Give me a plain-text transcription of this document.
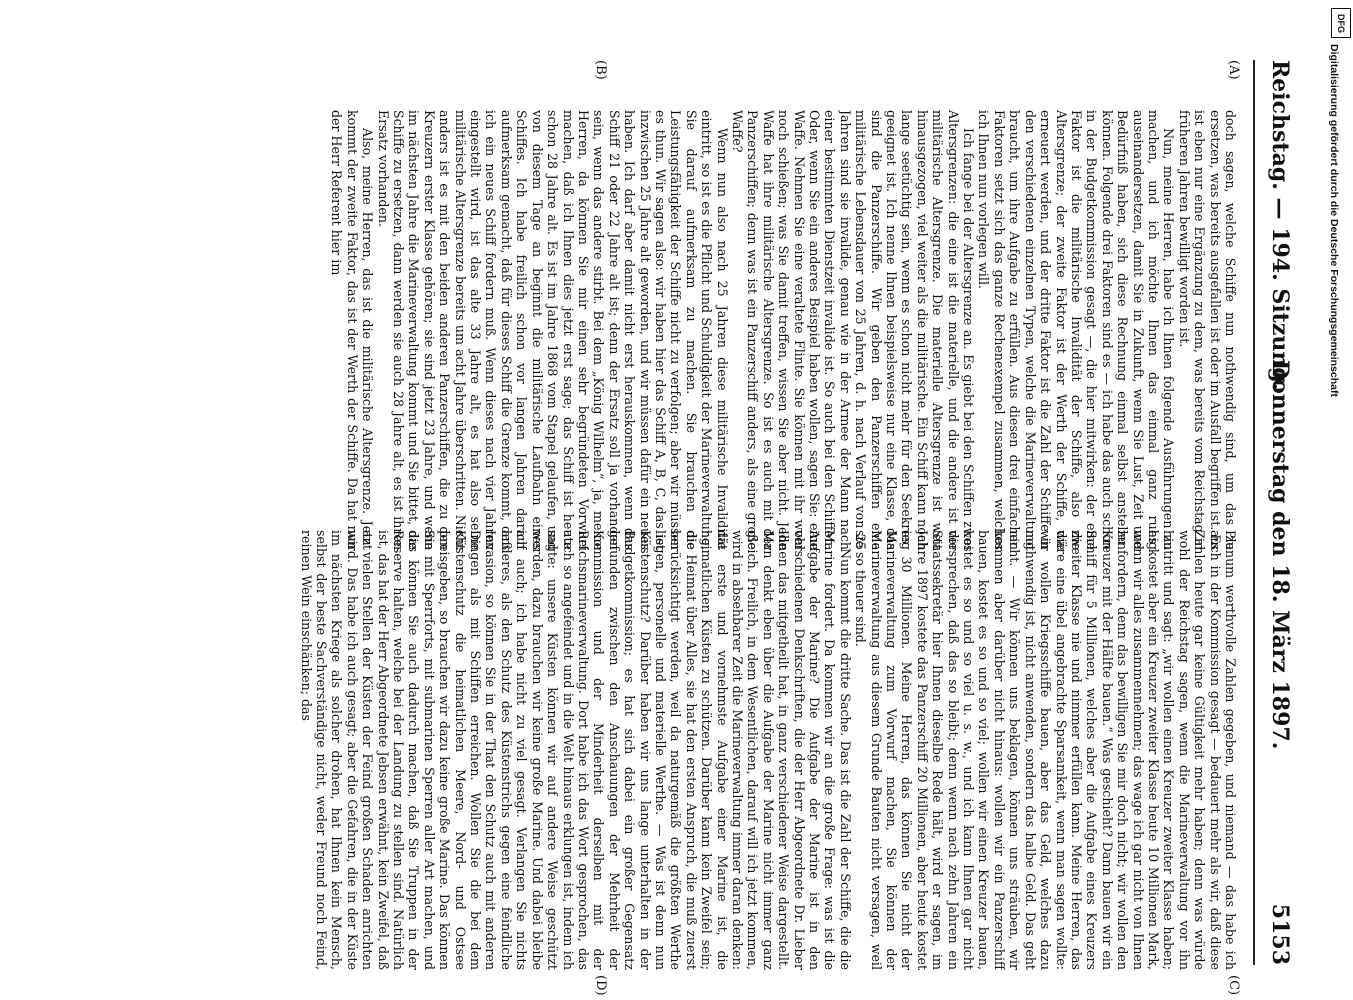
Reichstag. — 194. Sitzung.
Donnerstag den 18. März 1897.
5153
(A)
(B)
(C)
(D)

doch sagen, welche Schiffe nun nothwendig sind, um das zu ersetzen, was bereits ausgefallen ist oder im Ausfall begriffen ist. Es ist eben nur eine Ergänzung zu dem, was bereits vom Reichstag in früheren Jahren bewilligt worden ist.

Nun, meine Herren, habe ich Ihnen folgende Ausführungen zu machen, und ich möchte Ihnen das einmal ganz ruhig auseinandersetzen, damit Sie in Zukunft, wenn Sie Lust, Zeit und Bedürfniß haben, sich diese Rechnung einmal selbst anstellen können. Folgende drei Faktoren sind es — ich habe das auch schon in der Budgetkommission gesagt —, die hier mitwirken: der eine Faktor ist die militärische Invalidität der Schiffe, also die Altersgrenze; der zweite Faktor ist der Werth der Schiffe, die erneuert werden, und der dritte Faktor ist die Zahl der Schiffe in den verschiedenen einzelnen Typen, welche die Marineverwaltung braucht, um ihre Aufgabe zu erfüllen. Aus diesen drei einfachen Faktoren setzt sich das ganze Rechenexempel zusammen, welches ich Ihnen nun vorlegen will.

Ich fange bei der Altersgrenze an. Es giebt bei den Schiffen zwei Altersgrenzen: die eine ist die materielle, und die andere ist die militärische Altersgrenze. Die materielle Altersgrenze ist weit hinausgezogen, viel weiter als die militärische. Ein Schiff kann noch lange seetüchtig sein, wenn es schon nicht mehr für den Seekrieg geeignet ist. Ich nenne Ihnen beispielsweise nur eine Klasse, das sind die Panzerschiffe. Wir geben den Panzerschiffen eine militärische Lebensdauer von 25 Jahren, d. h. nach Verlauf von 25 Jahren sind sie invalide, genau wie in der Armee der Mann nach einer bestimmten Dienstzeit invalide ist. So auch bei den Schiffen. Oder, wenn Sie ein anderes Beispiel haben wollen, sagen Sie: eine Waffe. Nehmen Sie eine veraltete Flinte. Sie können mit ihr wohl noch schießen; was Sie damit treffen, wissen Sie aber nicht. Jede Waffe hat ihre militärische Altersgrenze. So ist es auch mit der Panzerschiffen; denn was ist ein Panzerschiff anders, als eine große Waffe?

Wenn nun also nach 25 Jahren diese militärische Invalidität eintritt, so ist es die Pflicht und Schuldigkeit der Marineverwaltung, Sie darauf aufmerksam zu machen. Sie brauchen die Leistungsfähigkeit der Schiffe nicht zu verfolgen; aber wir müssen es thun. Wir sagen also: wir haben hier das Schiff A, B, C, das ist inzwischen 25 Jahre alt geworden, und wir müssen dafür ein neues haben. Ich darf aber damit nicht erst herauskommen, wenn das Schiff 21 oder 22 Jahre alt ist; denn der Ersatz soll ja vorhanden sein, wenn das andere stirbt. Bei dem „König Wilhelm“, ja, meine Herren, da können Sie mir einen sehr begründeten Vorwurf machen, daß ich Ihnen dies jetzt erst sage; das Schiff ist heute schon 28 Jahre alt. Es ist im Jahre 1868 vom Stapel gelaufen, und von diesem Tage an beginnt die militärische Laufbahn eines Schiffes. Ich habe freilich schon vor langen Jahren darauf aufmerksam gemacht, daß für dieses Schiff die Grenze kommt, daß ich ein neues Schiff fordern muß. Wenn dieses nach vier Jahren eingestellt wird, ist das alte 33 Jahre alt, es hat also seine militärische Altersgrenze bereits um acht Jahre überschritten. Nicht anders ist es mit den beiden anderen Panzerschiffen, die zu den Kreuzern erster Klasse gehören; sie sind jetzt 23 Jahre, und wenn im nächsten Jahre die Marineverwaltung kommt und Sie bittet, die Schiffe zu ersetzen, dann werden sie auch 28 Jahre alt, es ist ihren Ersatz vorhanden.

Also, meine Herren, das ist die militärische Altersgrenze. Jetzt kommt der zweite Faktor, das ist der Werth der Schiffe. Da hat nun der Herr Referent hier im

Plenum werthvolle Zahlen gegeben, und niemand — das habe ich auch in der Kommission gesagt — bedauert mehr als wir, daß diese Zahlen heute gar keine Gültigkeit mehr haben; denn was würde wohl der Reichstag sagen, wenn die Marineverwaltung vor ihn hintritt und sagt: „wir wollen einen Kreuzer zweiter Klasse haben; es kostet aber ein Kreuzer zweiter Klasse heute 10 Millionen Mark, wenn wir alles zusammennehmen; das wage ich gar nicht von Ihnen zu fordern, denn das bewilligen Sie mir doch nicht; wir wollen den Kreuzer mit der Hälfte bauen.“ Was geschieht? Dann bauen wir ein Schiff für 5 Millionen, welches aber die Aufgabe eines Kreuzers zweiter Klasse nie und nimmer erfüllen kann. Meine Herren, das wäre eine übel angebrachte Sparsamkeit, wenn man sagen wollte: wir wollen Kriegsschiffe bauen, aber das Geld, welches dazu nothwendig ist, nicht anwenden, sondern das halbe Geld. Das geht nicht. — Wir können uns beklagen, können uns sträuben, wir kommen aber darüber nicht hinaus: wollen wir ein Panzerschiff bauen, kostet es so und so viel; wollen wir einen Kreuzer bauen, kostet es so und so viel u. s. w., und ich kann Ihnen gar nicht versprechen, daß das so bleibt; denn wenn nach zehn Jahren ein Staatssekretär hier Ihnen dieselbe Rede hält, wird er sagen, im Jahre 1897 kostete das Panzerschiff 20 Millionen, aber heute kostet es 30 Millionen. Meine Herren, das können Sie nicht der Marineverwaltung zum Vorwurf machen, Sie können der Marineverwaltung aus diesem Grunde Bauten nicht versagen, weil sie so theuer sind.

Nun kommt die dritte Sache. Das ist die Zahl der Schiffe, die die Marine fordert. Da kommen wir an die große Frage: was ist die Aufgabe der Marine? Die Aufgabe der Marine ist in den verschiedenen Denkschriften, die der Herr Abgeordnete Dr. Lieber Ihnen das mitgetheilt hat, in ganz verschiedener Weise dargestellt. Man denkt eben über die Aufgabe der Marine nicht immer ganz gleich. Freilich, in dem Wesentlichen, darauf will ich jetzt kommen, wird in absehbarer Zeit die Marineverwaltung immer daran denken: die erste und vornehmste Aufgabe einer Marine ist, die heimatlichen Küsten zu schützen. Darüber kann kein Zweifel sein; die Heimat über Alles, sie hat den ersten Anspruch, die muß zuerst berücksichtigt werden, weil da naturgemäß die größten Werthe liegen, personelle und materielle Werthe. — Was ist denn nun Küstenschutz? Darüber haben wir uns lange unterhalten in der Budgetkommission; es hat sich dabei ein großer Gegensatz gefunden zwischen den Anschauungen der Mehrheit der Kommission und der Minderheit derselben mit der Reichsmarineverwaltung. Dort habe ich das Wort gesprochen, das auch so angefeindet und in die Welt hinaus erklungen ist, indem ich sagte: unsere Küsten können wir auf andere Weise geschützt werden, dazu brauchen wir keine große Marine. Und dabei bleibe ich auch; ich habe nicht zu viel gesagt. Verlangen Sie nichts anderes, als den Schutz des Küstenstrichs gegen eine feindliche Invasion, so können Sie in der That den Schutz auch mit anderen Dingen als mit Schiffen erreichen. Wollen Sie die bei dem Küstenschutz die heimatlichen Meere, Nord- und Ostsee preisgeben, so brauchen wir dazu keine große Marine. Das können Sie mit Sperrforts, mit submarinen Sperren aller Art machen, und das können Sie auch dadurch machen, daß Sie Truppen in der Reserve halten, welche bei der Landung zu stellen sind. Natürlich ist, das hat der Herr Abgeordnete Jebsen erwähnt, kein Zweifel, daß an vielen Stellen der Küsten der Feind großen Schaden anrichten wird. Das habe ich auch gesagt; aber die Gefahren, die in der Küste im nächsten Kriege als solcher drohen, hat Ihnen kein Mensch, selbst der beste Sachverständige nicht, weder Freund noch Feind, reinen Wein einschänken; das

DFG
Digitalisierung gefördert durch die Deutsche Forschungsgemeinschaft
